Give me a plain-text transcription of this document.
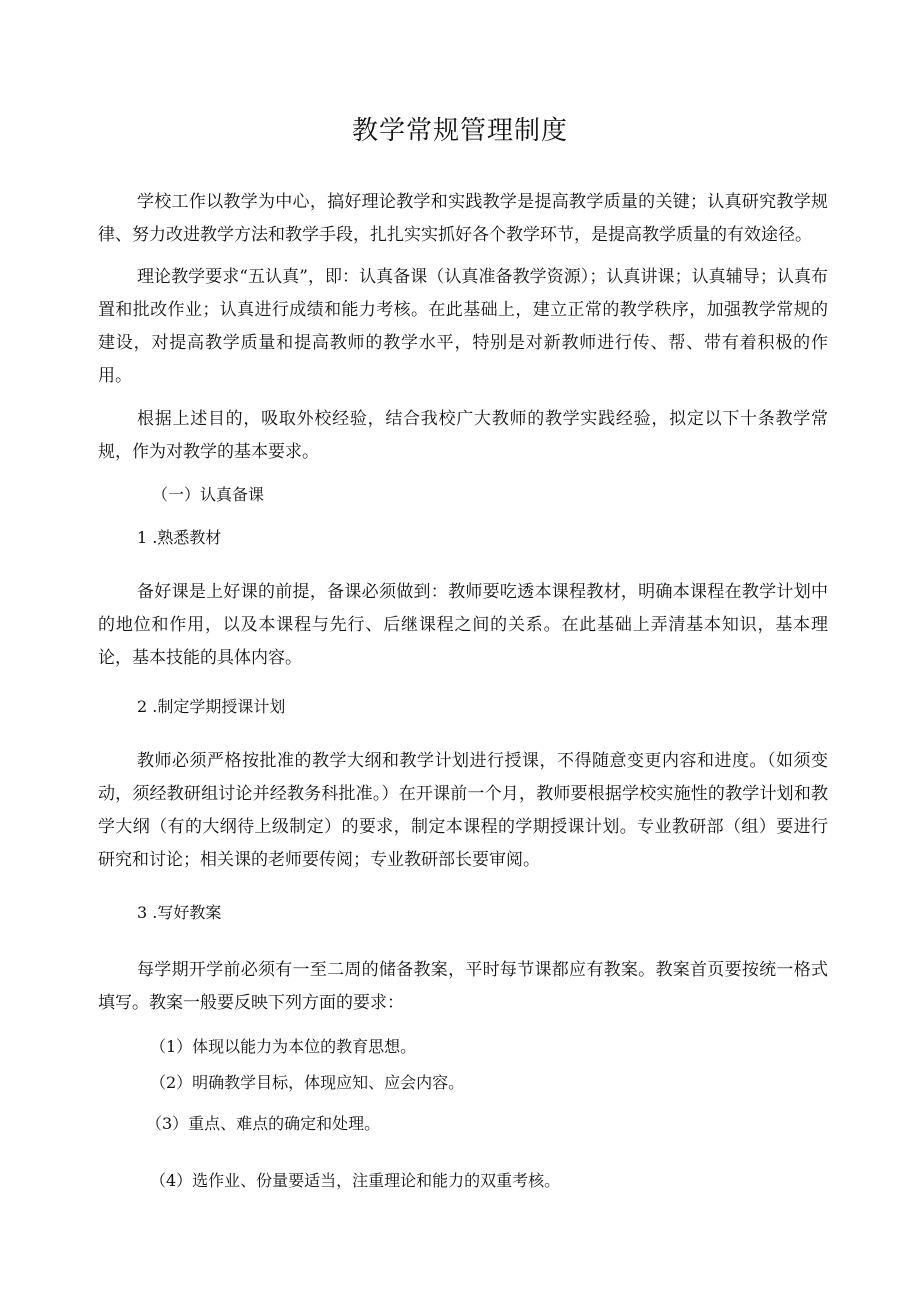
教学常规管理制度

学校工作以教学为中心，搞好理论教学和实践教学是提高教学质量的关键；认真研究教学规律、努力改进教学方法和教学手段，扎扎实实抓好各个教学环节，是提高教学质量的有效途径。

理论教学要求“五认真”，即：认真备课（认真准备教学资源）；认真讲课；认真辅导；认真布置和批改作业；认真进行成绩和能力考核。在此基础上，建立正常的教学秩序，加强教学常规的建设，对提高教学质量和提高教师的教学水平，特别是对新教师进行传、帮、带有着积极的作用。

根据上述目的，吸取外校经验，结合我校广大教师的教学实践经验，拟定以下十条教学常规，作为对教学的基本要求。

（一）认真备课

1 .熟悉教材

备好课是上好课的前提，备课必须做到：教师要吃透本课程教材，明确本课程在教学计划中的地位和作用，以及本课程与先行、后继课程之间的关系。在此基础上弄清基本知识，基本理论，基本技能的具体内容。

2 .制定学期授课计划

教师必须严格按批准的教学大纲和教学计划进行授课，不得随意变更内容和进度。（如须变动，须经教研组讨论并经教务科批准。）在开课前一个月，教师要根据学校实施性的教学计划和教学大纲（有的大纲待上级制定）的要求，制定本课程的学期授课计划。专业教研部（组）要进行研究和讨论；相关课的老师要传阅；专业教研部长要审阅。

3 .写好教案

每学期开学前必须有一至二周的储备教案，平时每节课都应有教案。教案首页要按统一格式填写。教案一般要反映下列方面的要求：

（1）体现以能力为本位的教育思想。

（2）明确教学目标，体现应知、应会内容。

（3）重点、难点的确定和处理。

（4）选作业、份量要适当，注重理论和能力的双重考核。
